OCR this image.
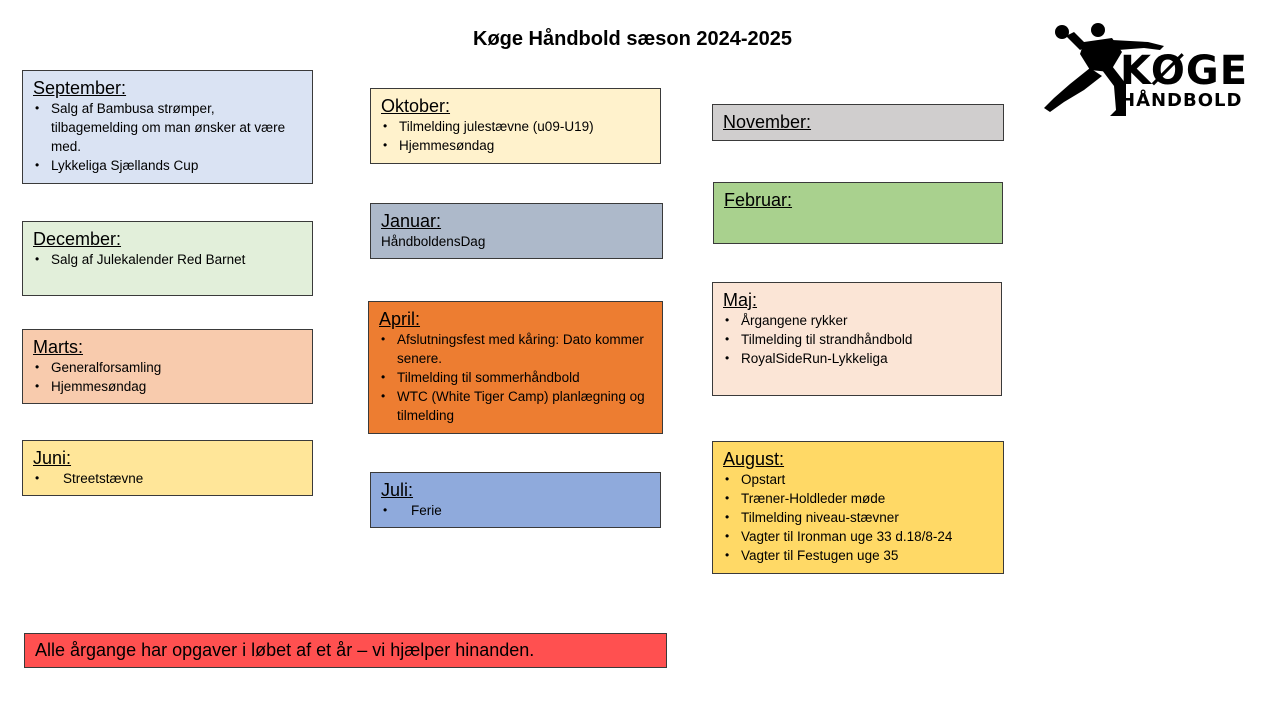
Køge Håndbold sæson 2024-2025
KØGE
HÅNDBOLD
September:
• Salg af Bambusa strømper, tilbagemelding om man ønsker at være med.
• Lykkeliga Sjællands Cup
December:
• Salg af Julekalender Red Barnet
Marts:
• Generalforsamling
• Hjemmesøndag
Juni:
• Streetstævne
Oktober:
• Tilmelding julestævne (u09-U19)
• Hjemmesøndag
Januar:
HåndboldensDag
April:
• Afslutningsfest med kåring: Dato kommer senere.
• Tilmelding til sommerhåndbold
• WTC (White Tiger Camp) planlægning og tilmelding
Juli:
• Ferie
November:
Februar:
Maj:
• Årgangene rykker
• Tilmelding til strandhåndbold
• RoyalSideRun-Lykkeliga
August:
• Opstart
• Træner-Holdleder møde
• Tilmelding niveau-stævner
• Vagter til Ironman uge 33 d.18/8-24
• Vagter til Festugen uge 35
Alle årgange har opgaver i løbet af et år – vi hjælper hinanden.
